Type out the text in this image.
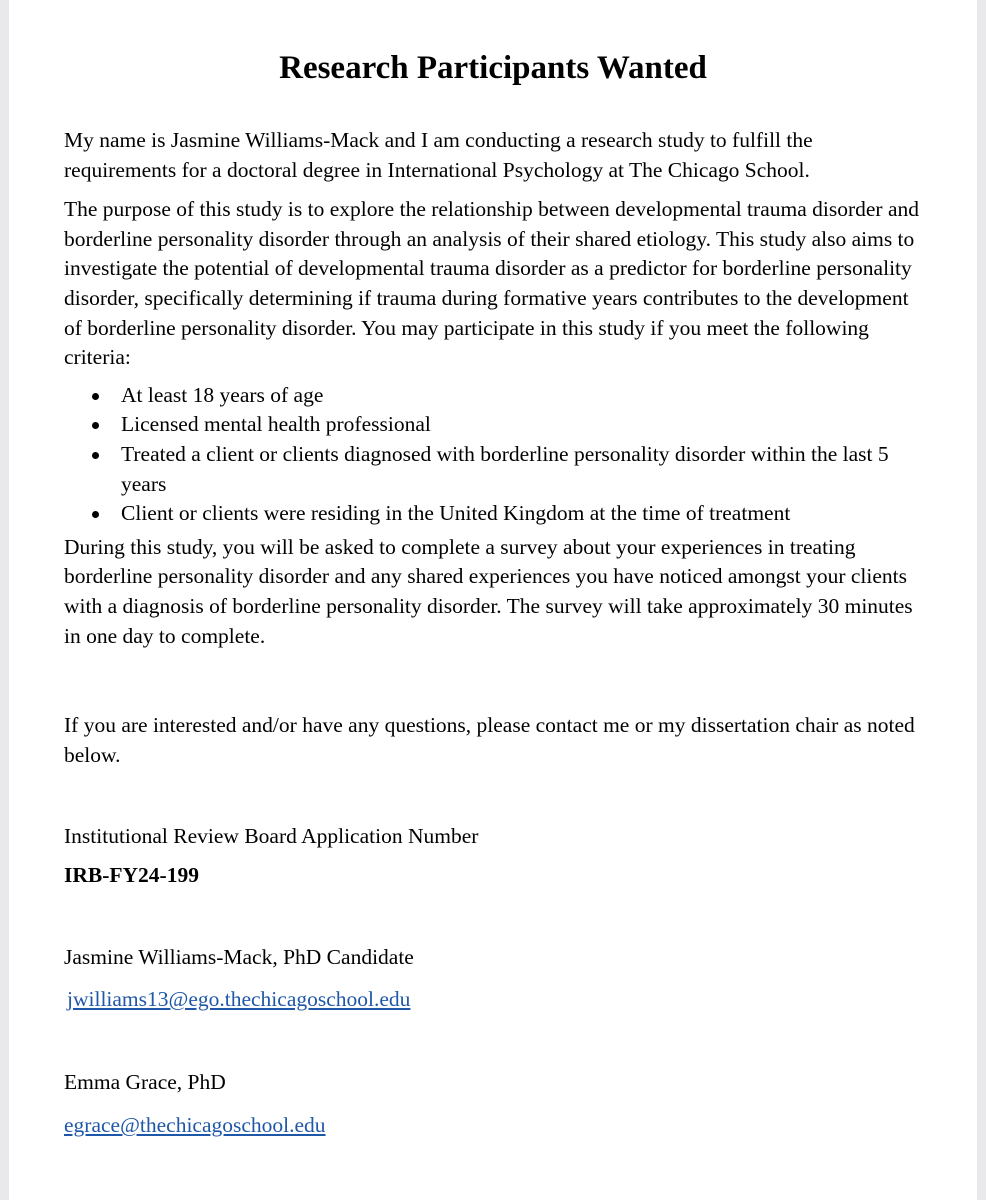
Research Participants Wanted

My name is Jasmine Williams-Mack and I am conducting a research study to fulfill the requirements for a doctoral degree in International Psychology at The Chicago School.

The purpose of this study is to explore the relationship between developmental trauma disorder and borderline personality disorder through an analysis of their shared etiology. This study also aims to investigate the potential of developmental trauma disorder as a predictor for borderline personality disorder, specifically determining if trauma during formative years contributes to the development of borderline personality disorder. You may participate in this study if you meet the following criteria:

At least 18 years of age
Licensed mental health professional
Treated a client or clients diagnosed with borderline personality disorder within the last 5 years
Client or clients were residing in the United Kingdom at the time of treatment

During this study, you will be asked to complete a survey about your experiences in treating borderline personality disorder and any shared experiences you have noticed amongst your clients with a diagnosis of borderline personality disorder. The survey will take approximately 30 minutes in one day to complete.

If you are interested and/or have any questions, please contact me or my dissertation chair as noted below.

Institutional Review Board Application Number

IRB-FY24-199

Jasmine Williams-Mack, PhD Candidate

jwilliams13@ego.thechicagoschool.edu

Emma Grace, PhD

egrace@thechicagoschool.edu
